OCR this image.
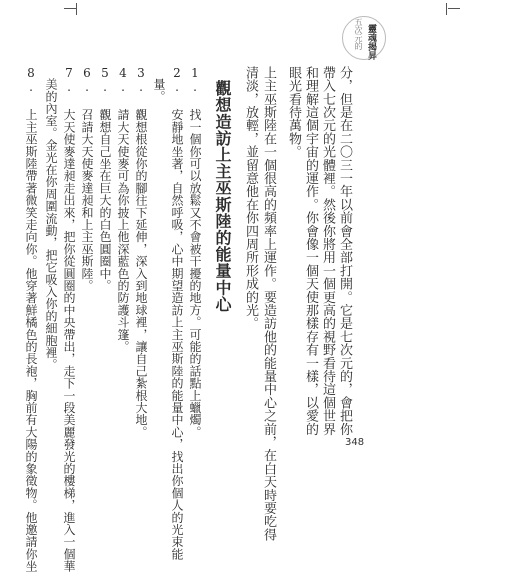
五次元的 靈魂揭昇
分，但是在二〇三一年以前會全部打開。它是七次元的，會把你帶入七次元的光體裡。然後你將用一個更高的視野看待這個世界和理解這個宇宙的運作。你會像一個天使那樣存有一樣，以愛的眼光看待萬物。
上主巫斯陸在一個很高的頻率上運作。要造訪他的能量中心之前，在白天時要吃得
清淡，放輕，並留意他在你四周所形成的光。
觀想造訪上主巫斯陸的能量中心
1. 找一個你可以放鬆又不會被干擾的地方。可能的話點上蠟燭。
2. 安靜地坐著，自然呼吸，心中期望造訪上主巫斯陸的能量中心，找出你個人的光束能
量。
3. 觀想根從你的腳往下延伸，深入到地球裡，讓自己紮根大地。
4. 請大天使麥可為你披上他深藍色的防護斗篷。
5. 觀想自己坐在巨大的白色圓圈中。
6. 召請大天使麥達昶和上主巫斯陸。
7. 大天使麥達昶走出來，把你從圓圈的中央帶出，走下一段美麗發光的樓梯，進入一個華
美的內室。金光在你周圍流動，把它吸入你的細胞裡。
8. 上主巫斯陸帶著微笑走向你。他穿著鮮橘色的長袍，胸前有大陽的象徵物。他邀請你坐	348
